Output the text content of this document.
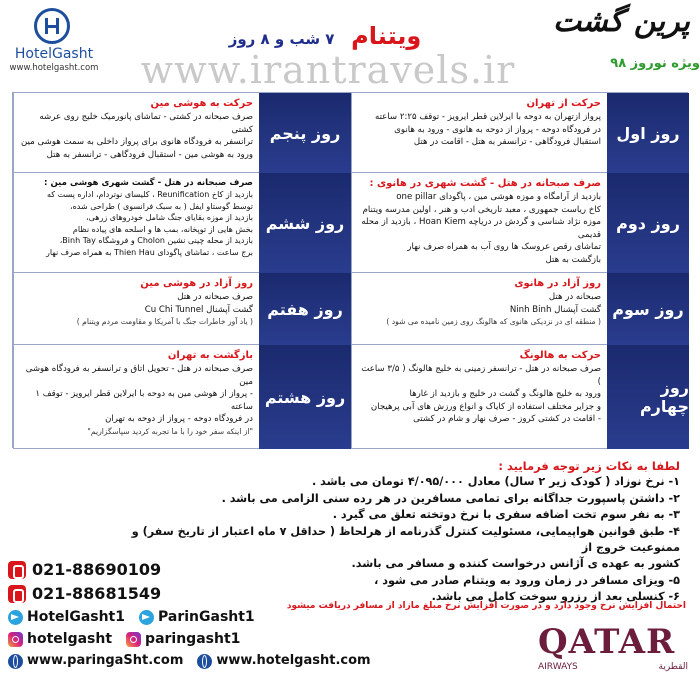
HotelGasht
www.hotelgasht.com
پرین گشت
ویژه نوروز ۹۸
ویتنام   ۷ شب و ۸ روز
www.irantravels.ir
روز اول
حرکت از تهران

پرواز ازتهران به دوحه با ایرلاین قطر ایرویز - توقف ۲:۲۵ ساعته

در فرودگاه دوحه - پرواز از دوحه به هانوی - ورود به هانوی

استقبال فرودگاهی - ترانسفر به هتل - اقامت در هتل

روز دوم
صرف صبحانه در هتل - گشت شهری در هانوی :

بازدید از آرامگاه و موزه هوشی مین ، پاگودای one pillar

کاخ ریاست جمهوری ، معبد تاریخی ادب و هنر ، اولین مدرسه ویتنام

موزه نژاد شناسی و گردش در دریاچه Hoan Kiem ، بازدید از محله قدیمی

تماشای رقص عروسک ها روی آب به همراه صرف نهار

بازگشت به هتل

روز سوم
روز آزاد در هانوی

صبحانه در هتل

گشت آپشنال Ninh Binh

( منطقه ای در نزدیکی هانوی که هالونگ روی زمین نامیده می شود )

روز چهارم
حرکت به هالونگ

صرف صبحانه در هتل - ترانسفر زمینی به خلیج هالونگ ( ۳/۵ ساعت )

ورود به خلیج هالونگ و گشت در خلیج و بازدید از غارها

و جزایر مختلف استفاده از کایاک و انواع ورزش های آبی پرهیجان

- اقامت در کشتی کروز - صرف نهار و شام در کشتی

روز پنجم
حرکت به هوشی مین

صرف صبحانه در کشتی - تماشای پانورمیک خلیج روی عرشه کشتی

ترانسفر به فرودگاه هانوی برای پرواز داخلی به سمت هوشی مین

ورود به هوشی مین - استقبال فرودگاهی - ترانسفر به هتل

روز ششم
صرف صبحانه در هتل - گشت شهری هوشی مین :

بازدید از کاخ Reunification ، کلیسای نوتردام، اداره پست که

توسط گوستاو ایفل ( به سبک فرانسوی ) طراحی شده،

بازدید از موزه بقایای جنگ شامل خودروهای زرهی،

بخش هایی از توپخانه، بمب ها و اسلحه های پیاده نظام

بازدید از محله چینی نشین Cholon و فروشگاه Binh Tay،

برج ساعت ، تماشای پاگودای Thien Hau به همراه صرف نهار

روز هفتم
روز آزاد در هوشی مین

صرف صبحانه در هتل

گشت آپشنال Cu Chi Tunnel

( یاد آور خاطرات جنگ با آمریکا و مقاومت مردم ویتنام )

روز هشتم
بازگشت به تهران

صرف صبحانه در هتل - تحویل اتاق و ترانسفر به فرودگاه هوشی مین

- پرواز از هوشی مین به دوحه با ایرلاین قطر ایرویز - توقف ۱ ساعته

در فرودگاه دوحه - پرواز از دوحه به تهران

"از اینکه سفر خود را با ما تجربه کردید سپاسگزاریم"

لطفا به نکات زیر توجه فرمایید :
۱- نرخ نوزاد ( کودک زیر ۲ سال) معادل ۴/۰۹۵/۰۰۰ تومان می باشد .
۲- داشتن پاسپورت جداگانه برای تمامی مسافرین در هر رده سنی الزامی می باشد .
۳- به نفر سوم تخت اضافه سفری با نرخ دوتخته تعلق می گیرد .
۴- طبق قوانین هواپیمایی، مسئولیت کنترل گذرنامه از هرلحاظ ( حداقل ۷ ماه اعتبار از تاریخ سفر) و ممنوعیت خروج از
کشور به عهده ی آژانس درخواست کننده و مسافر می باشد.
۵- ویزای مسافر در زمان ورود به ویتنام صادر می شود ،
۶- کنسلی بعد از رزرو سوخت کامل می باشد.
احتمال افزایش نرخ وجود دارد و در صورت افزایش نرخ مبلغ مازاد از مسافر دریافت میشود
021-88690109
021-88681549
HotelGasht1 ParinGasht1
hotelgasht paringasht1
www.paringaSht.com	www.hotelgasht.com	QATAR
AIRWAYS	القطرية
